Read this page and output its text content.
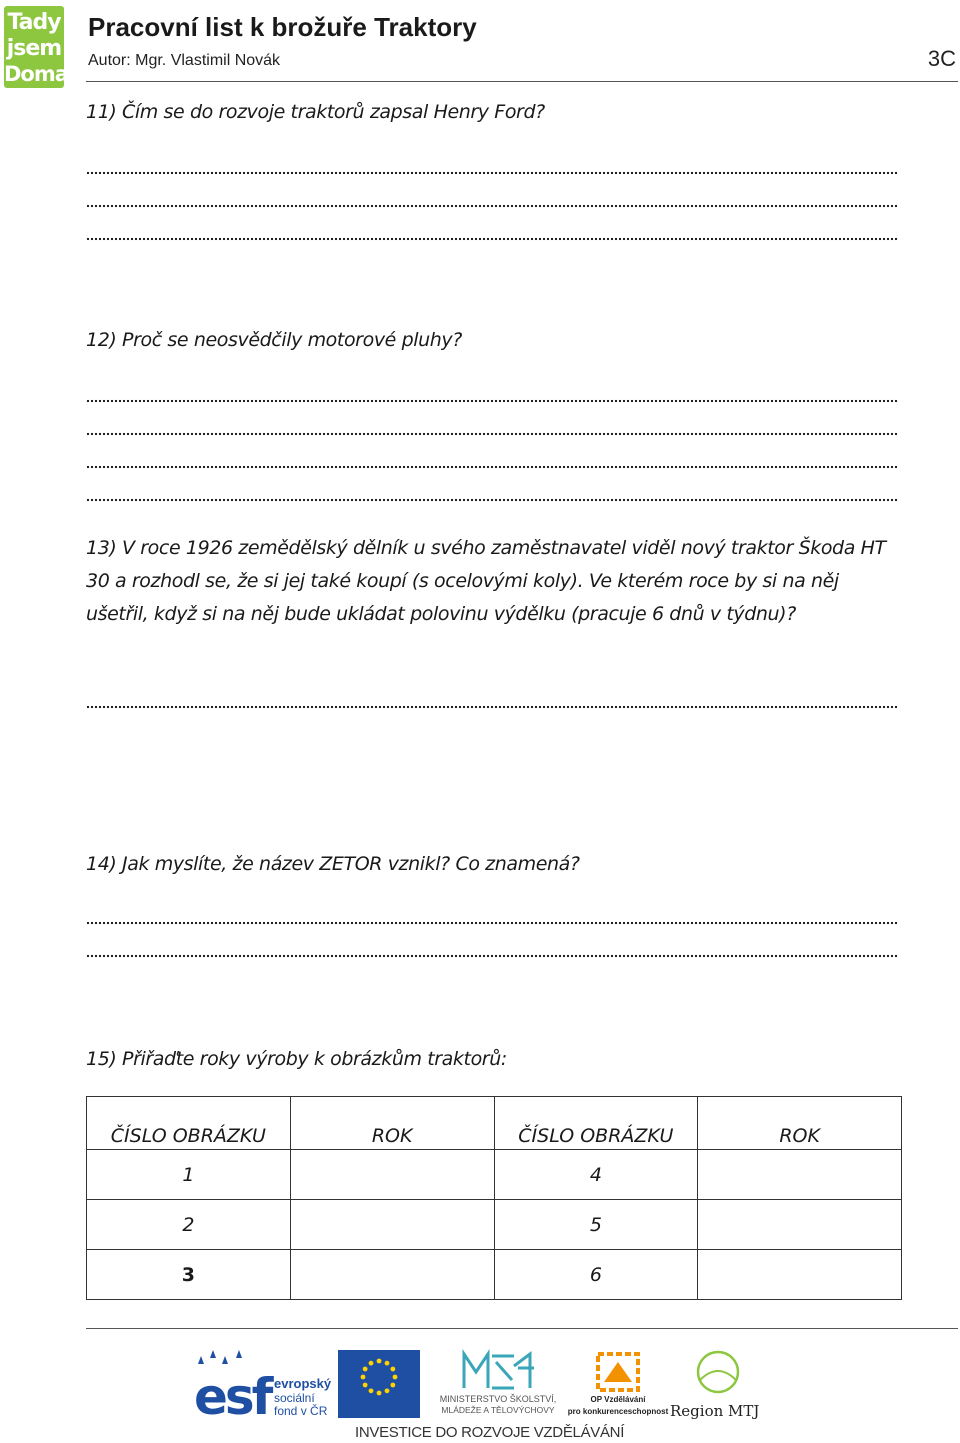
Tady
jsem
Doma
Pracovní list k brožuře Traktory
Autor: Mgr. Vlastimil Novák	3C
11) Čím se do rozvoje traktorů zapsal Henry Ford?
12) Proč se neosvědčily motorové pluhy?
13) V roce 1926 zemědělský dělník u svého zaměstnavatel viděl nový traktor Škoda HT 30 a rozhodl se, že si jej také koupí (s ocelovými koly). Ve kterém roce by si na něj ušetřil, když si na něj bude ukládat polovinu výdělku (pracuje 6 dnů v týdnu)?
14) Jak myslíte, že název ZETOR vznikl? Co znamená?
15) Přiřaďte roky výroby k obrázkům traktorů:
ČÍSLO OBRÁZKU	ROK	ČÍSLO OBRÁZKU	ROK
1		4	
2		5	
3		6	
esf evropský
sociální
fond v ČR EVROPSKÁ UNIE
MINISTERSTVO ŠKOLSTVÍ,
MLÁDEŽE A TĚLOVÝCHOVY
OP Vzdělávání
pro konkurenceschopnost Region MTJ
INVESTICE DO ROZVOJE VZDĚLÁVÁNÍ
